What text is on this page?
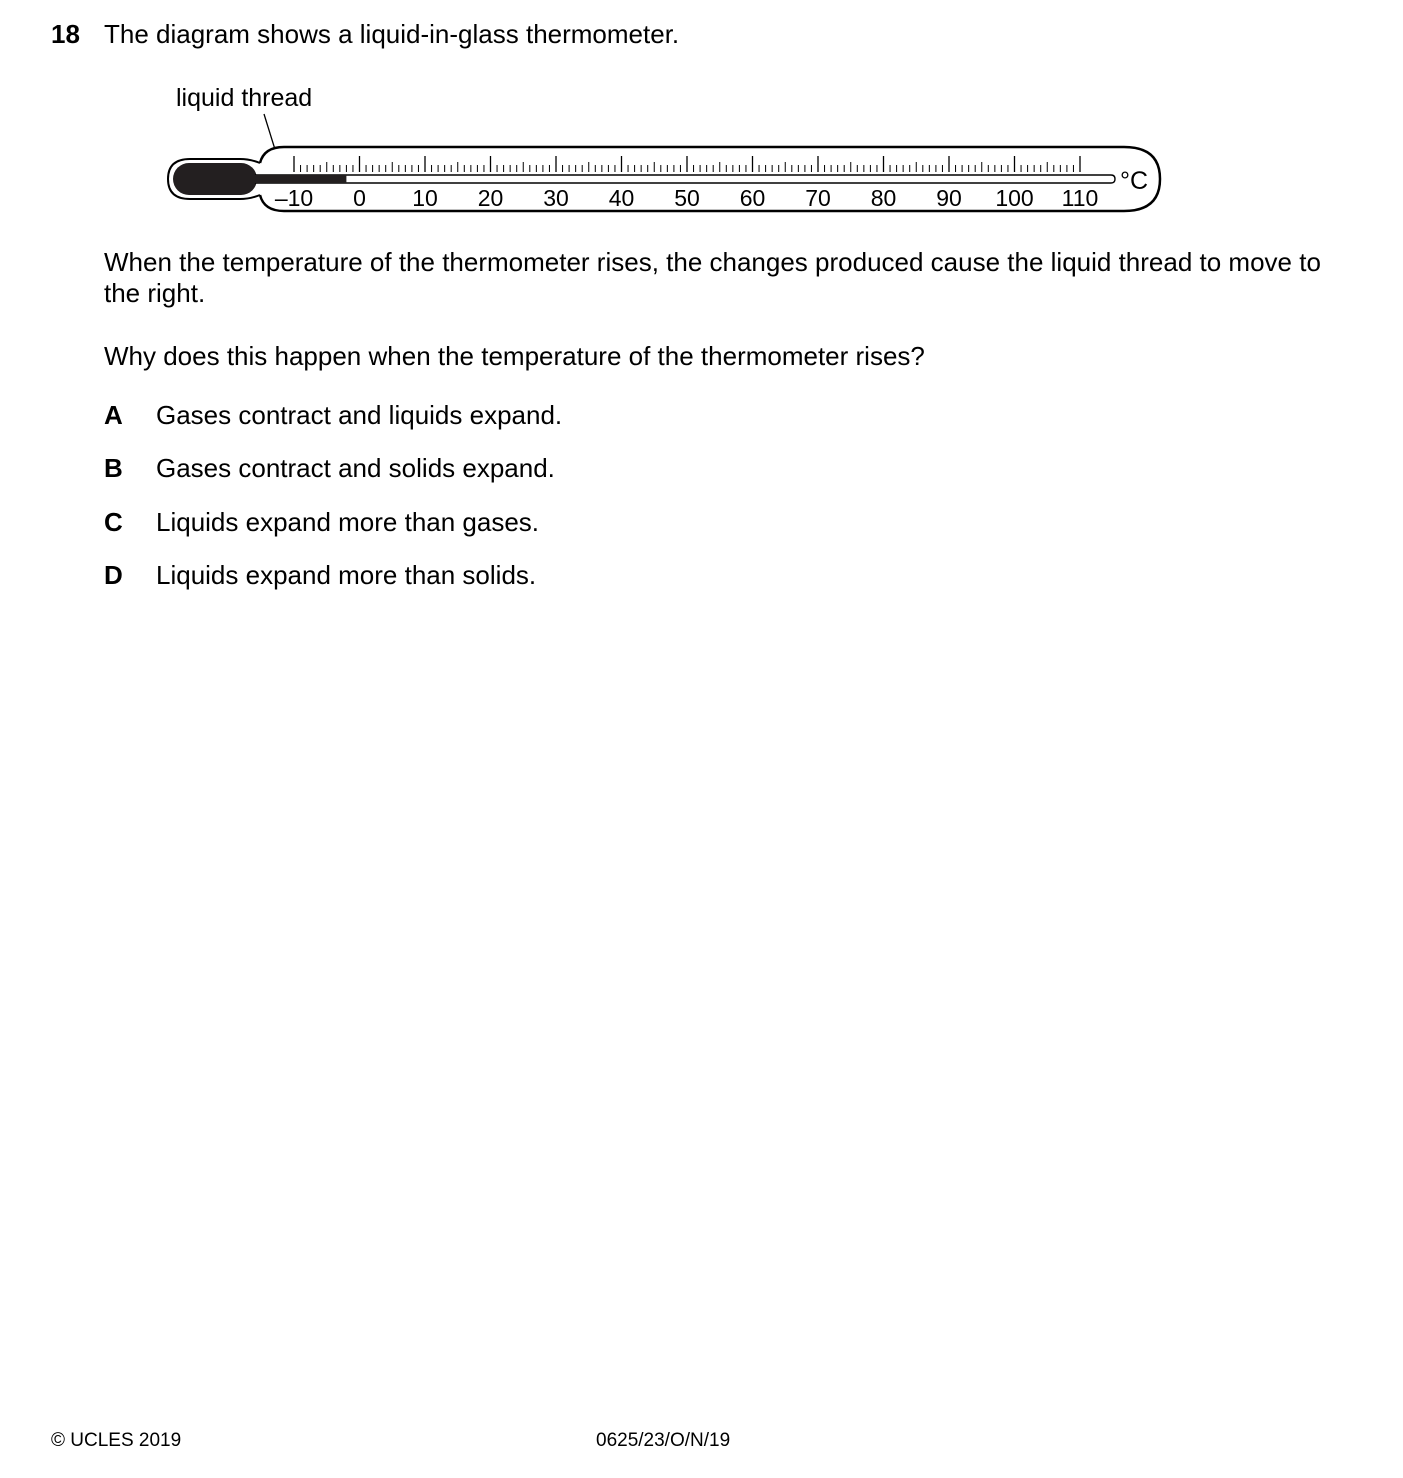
18 The diagram shows a liquid-in-glass thermometer.
liquid thread
–10 0 10 20 30 40 50 60 70 80 90 100 110
°C
When the temperature of the thermometer rises, the changes produced cause the liquid thread to move to the right.
Why does this happen when the temperature of the thermometer rises?
A Gases contract and liquids expand.
B Gases contract and solids expand.
C Liquids expand more than gases.
D Liquids expand more than solids.
© UCLES 2019	0625/23/O/N/19
